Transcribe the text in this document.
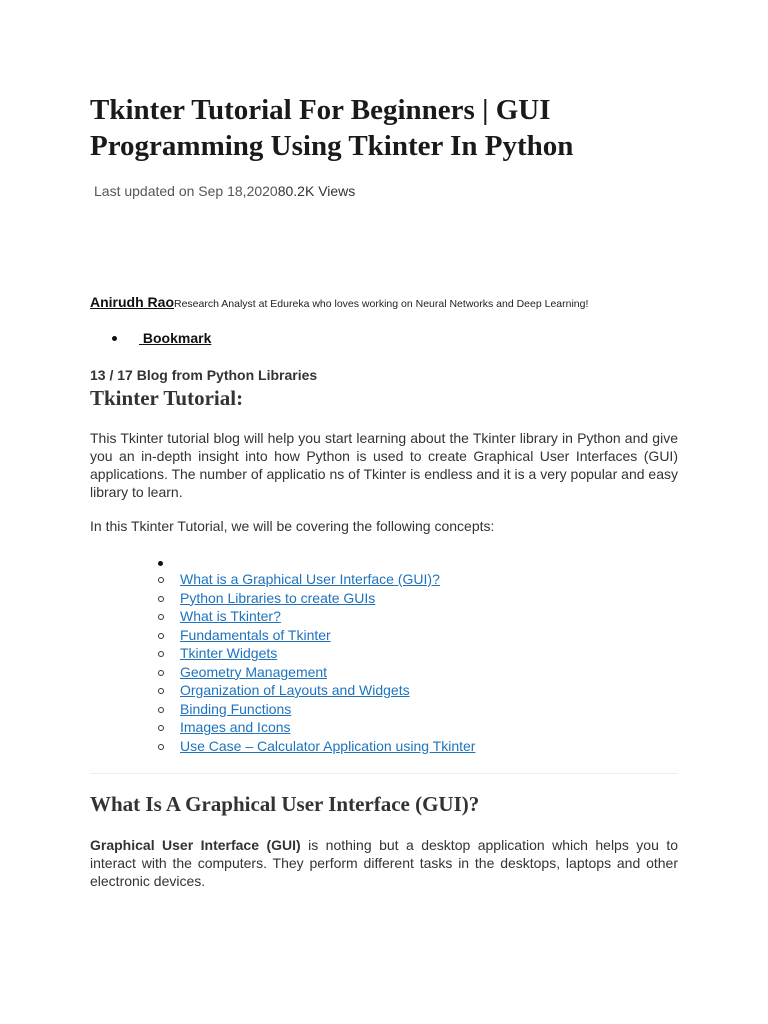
Tkinter Tutorial For Beginners | GUI Programming Using Tkinter In Python
Last updated on Sep 18,202080.2K Views
Anirudh RaoResearch Analyst at Edureka who loves working on Neural Networks and Deep Learning!
Bookmark
13 / 17 Blog from Python Libraries
Tkinter Tutorial:

This Tkinter tutorial blog will help you start learning about the Tkinter library in Python and give you an in-depth insight into how Python is used to create Graphical User Interfaces (GUI) applications. The number of applicatio ns of Tkinter is endless and it is a very popular and easy library to learn.

In this Tkinter Tutorial, we will be covering the following concepts:

What is a Graphical User Interface (GUI)?
Python Libraries to create GUIs
What is Tkinter?
Fundamentals of Tkinter
Tkinter Widgets
Geometry Management
Organization of Layouts and Widgets
Binding Functions
Images and Icons
Use Case – Calculator Application using Tkinter
What Is A Graphical User Interface (GUI)?

Graphical User Interface (GUI) is nothing but a desktop application which helps you to interact with the computers. They perform different tasks in the desktops, laptops and other electronic devices.
